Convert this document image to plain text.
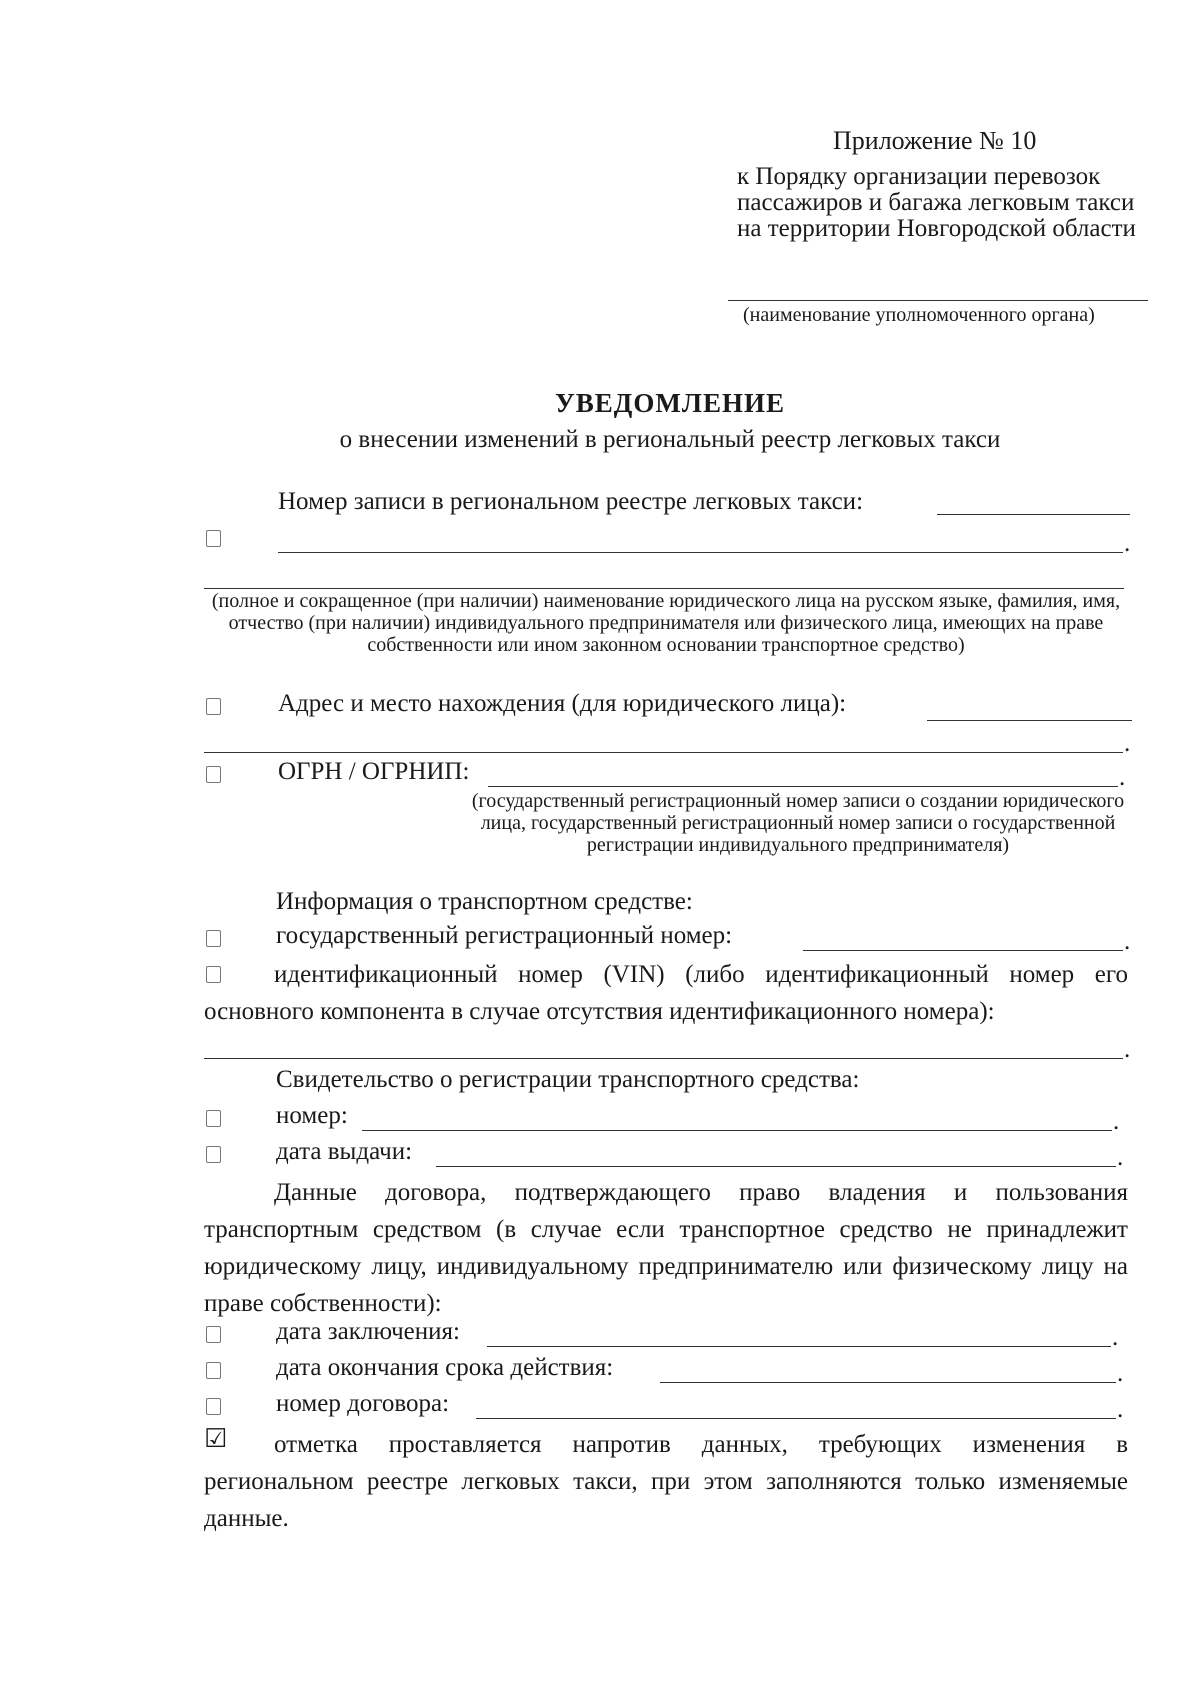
Приложение № 10
к Порядку организации перевозок пассажиров и багажа легковым такси на территории Новгородской области
(наименование уполномоченного органа)
УВЕДОМЛЕНИЕ
о внесении изменений в региональный реестр легковых такси
Номер записи в региональном реестре легковых такси:
.
(полное и сокращенное (при наличии) наименование юридического лица на русском языке, фамилия, имя, отчество (при наличии) индивидуального предпринимателя или физического лица, имеющих на праве собственности или ином законном основании транспортное средство)
Адрес и место нахождения (для юридического лица):
.
ОГРН / ОГРНИП:	.
(государственный регистрационный номер записи о создании юридического лица, государственный регистрационный номер записи о государственной регистрации индивидуального предпринимателя)
Информация о транспортном средстве:
государственный регистрационный номер:	.
идентификационный номер (VIN) (либо идентификационный номер его основного компонента в случае отсутствия идентификационного номера):
.
Свидетельство о регистрации транспортного средства:
номер:	.
дата выдачи:	.
Данные договора, подтверждающего право владения и пользования транспортным средством (в случае если транспортное средство не принадлежит юридическому лицу, индивидуальному предпринимателю или физическому лицу на праве собственности):
дата заключения:	.
дата окончания срока действия:	.
номер договора:	.
☑	отметка проставляется напротив данных, требующих изменения в региональном реестре легковых такси, при этом заполняются только изменяемые данные.
